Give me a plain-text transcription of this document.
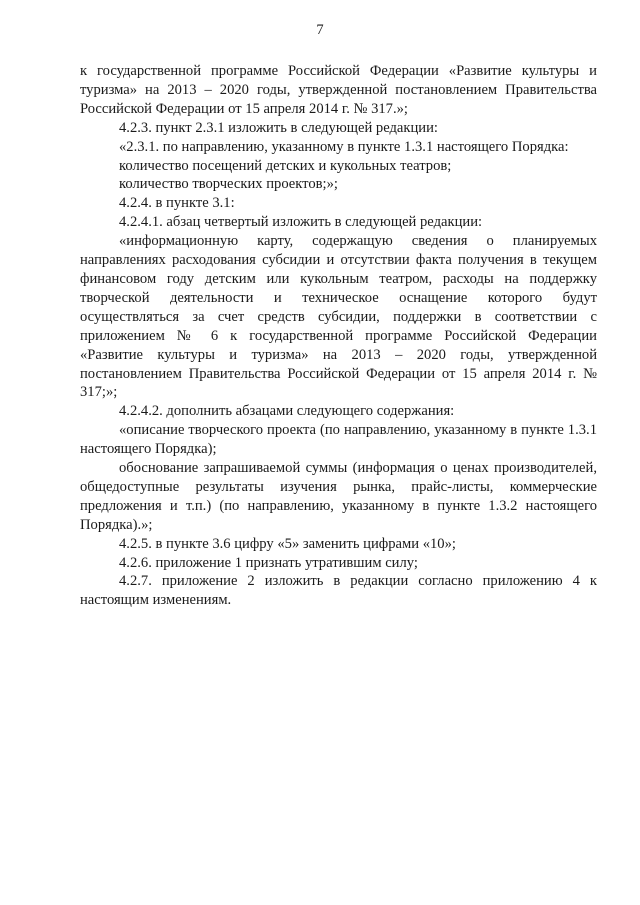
7

к государственной программе Российской Федерации «Развитие культуры и туризма» на 2013 – 2020 годы, утвержденной постановлением Правительства Российской Федерации от 15 апреля 2014 г. № 317.»;

4.2.3. пункт 2.3.1 изложить в следующей редакции:

«2.3.1. по направлению, указанному в пункте 1.3.1 настоящего Порядка:

количество посещений детских и кукольных театров;

количество творческих проектов;»;

4.2.4. в пункте 3.1:

4.2.4.1. абзац четвертый изложить в следующей редакции:

«информационную карту, содержащую сведения о планируемых направлениях расходования субсидии и отсутствии факта получения в текущем финансовом году детским или кукольным театром, расходы на поддержку творческой деятельности и техническое оснащение которого будут осуществляться за счет средств субсидии, поддержки в соответствии с приложением № 6 к государственной программе Российской Федерации «Развитие культуры и туризма» на 2013 – 2020 годы, утвержденной постановлением Правительства Российской Федерации от 15 апреля 2014 г. № 317;»;

4.2.4.2. дополнить абзацами следующего содержания:

«описание творческого проекта (по направлению, указанному в пункте 1.3.1 настоящего Порядка);

обоснование запрашиваемой суммы (информация о ценах производителей, общедоступные результаты изучения рынка, прайс-листы, коммерческие предложения и т.п.) (по направлению, указанному в пункте 1.3.2 настоящего Порядка).»;

4.2.5. в пункте 3.6 цифру «5» заменить цифрами «10»;

4.2.6. приложение 1 признать утратившим силу;

4.2.7. приложение 2 изложить в редакции согласно приложению 4 к настоящим изменениям.
